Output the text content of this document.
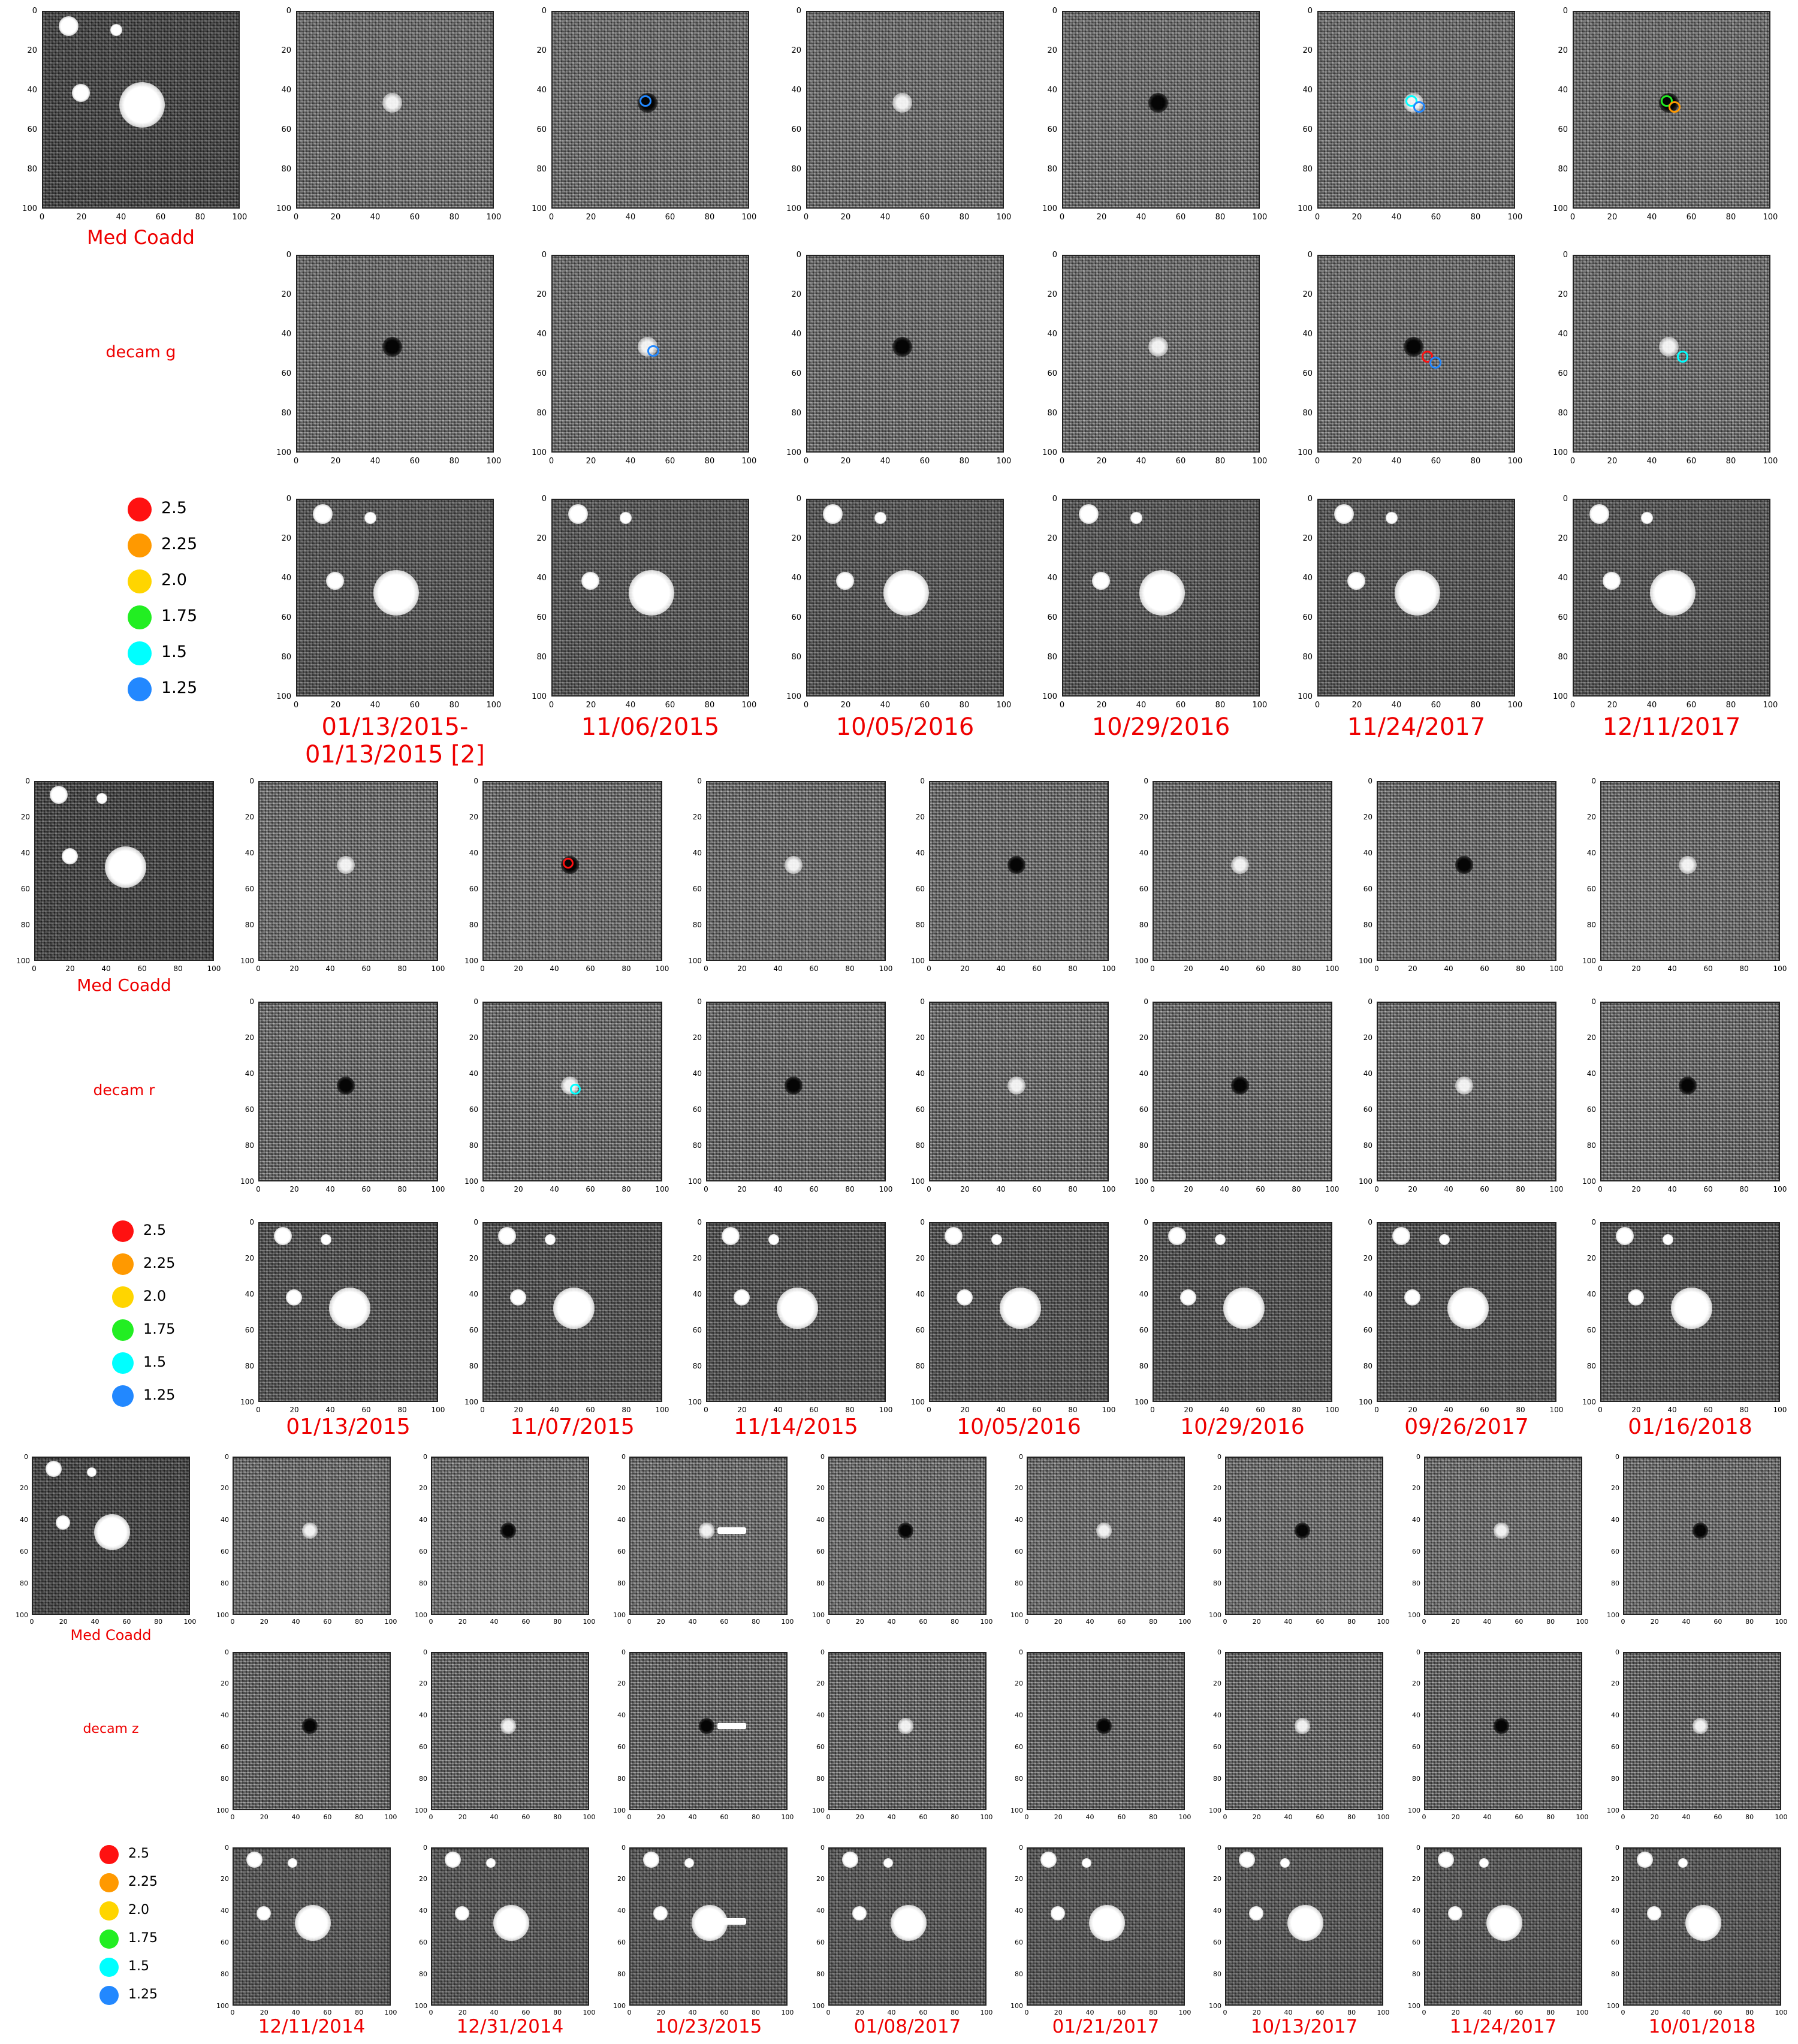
0
20
40
60
80
100
0	20	40	60	80	100
Med Coadd
decam g
2.5
2.25
2.0
1.75
1.5
1.25
0
20
40
60
80
100
0	20	40	60	80	100
0
20
40
60
80
100
0	20	40	60	80	100
0
20
40
60
80
100
0	20	40	60	80	100
01/13/2015-
01/13/2015 [2]
0
20
40
60
80
100
0	20	40	60	80	100
0
20
40
60
80
100
0	20	40	60	80	100
0
20
40
60
80
100
0	20	40	60	80	100
11/06/2015
0
20
40
60
80
100
0	20	40	60	80	100
0
20
40
60
80
100
0	20	40	60	80	100
0
20
40
60
80
100
0	20	40	60	80	100
10/05/2016
0
20
40
60
80
100
0	20	40	60	80	100
0
20
40
60
80
100
0	20	40	60	80	100
0
20
40
60
80
100
0	20	40	60	80	100
10/29/2016
0
20
40
60
80
100
0	20	40	60	80	100
0
20
40
60
80
100
0	20	40	60	80	100
0
20
40
60
80
100
0	20	40	60	80	100
11/24/2017
0
20
40
60
80
100
0	20	40	60	80	100
0
20
40
60
80
100
0	20	40	60	80	100
0
20
40
60
80
100
0	20	40	60	80	100
12/11/2017
0
20
40
60
80
100
0	20	40	60	80	100
Med Coadd
decam r
2.5
2.25
2.0
1.75
1.5
1.25
0
20
40
60
80
100
0	20	40	60	80	100
0
20
40
60
80
100
0	20	40	60	80	100
0
20
40
60
80
100
0	20	40	60	80	100
01/13/2015
0
20
40
60
80
100
0	20	40	60	80	100
0
20
40
60
80
100
0	20	40	60	80	100
0
20
40
60
80
100
0	20	40	60	80	100
11/07/2015
0
20
40
60
80
100
0	20	40	60	80	100
0
20
40
60
80
100
0	20	40	60	80	100
0
20
40
60
80
100
0	20	40	60	80	100
11/14/2015
0
20
40
60
80
100
0	20	40	60	80	100
0
20
40
60
80
100
0	20	40	60	80	100
0
20
40
60
80
100
0	20	40	60	80	100
10/05/2016
0
20
40
60
80
100
0	20	40	60	80	100
0
20
40
60
80
100
0	20	40	60	80	100
0
20
40
60
80
100
0	20	40	60	80	100
10/29/2016
0
20
40
60
80
100
0	20	40	60	80	100
0
20
40
60
80
100
0	20	40	60	80	100
0
20
40
60
80
100
0	20	40	60	80	100
09/26/2017
0
20
40
60
80
100
0	20	40	60	80	100
0
20
40
60
80
100
0	20	40	60	80	100
0
20
40
60
80
100
0	20	40	60	80	100
01/16/2018
0
20
40
60
80
100
0	20	40	60	80	100
Med Coadd
decam z
2.5
2.25
2.0
1.75
1.5
1.25
0
20
40
60
80
100
0	20	40	60	80	100
0
20
40
60
80
100
0	20	40	60	80	100
0
20
40
60
80
100
0	20	40	60	80	100
12/11/2014
0
20
40
60
80
100
0	20	40	60	80	100
0
20
40
60
80
100
0	20	40	60	80	100
0
20
40
60
80
100
0	20	40	60	80	100
12/31/2014
0
20
40
60
80
100
0	20	40	60	80	100
0
20
40
60
80
100
0	20	40	60	80	100
0
20
40
60
80
100
0	20	40	60	80	100
10/23/2015
0
20
40
60
80
100
0	20	40	60	80	100
0
20
40
60
80
100
0	20	40	60	80	100
0
20
40
60
80
100
0	20	40	60	80	100
01/08/2017
0
20
40
60
80
100
0	20	40	60	80	100
0
20
40
60
80
100
0	20	40	60	80	100
0
20
40
60
80
100
0	20	40	60	80	100
01/21/2017
0
20
40
60
80
100
0	20	40	60	80	100
0
20
40
60
80
100
0	20	40	60	80	100
0
20
40
60
80
100
0	20	40	60	80	100
10/13/2017
0
20
40
60
80
100
0	20	40	60	80	100
0
20
40
60
80
100
0	20	40	60	80	100
0
20
40
60
80
100
0	20	40	60	80	100
11/24/2017
0
20
40
60
80
100
0	20	40	60	80	100
0
20
40
60
80
100
0	20	40	60	80	100
0
20
40
60
80
100
0	20	40	60	80	100
10/01/2018
